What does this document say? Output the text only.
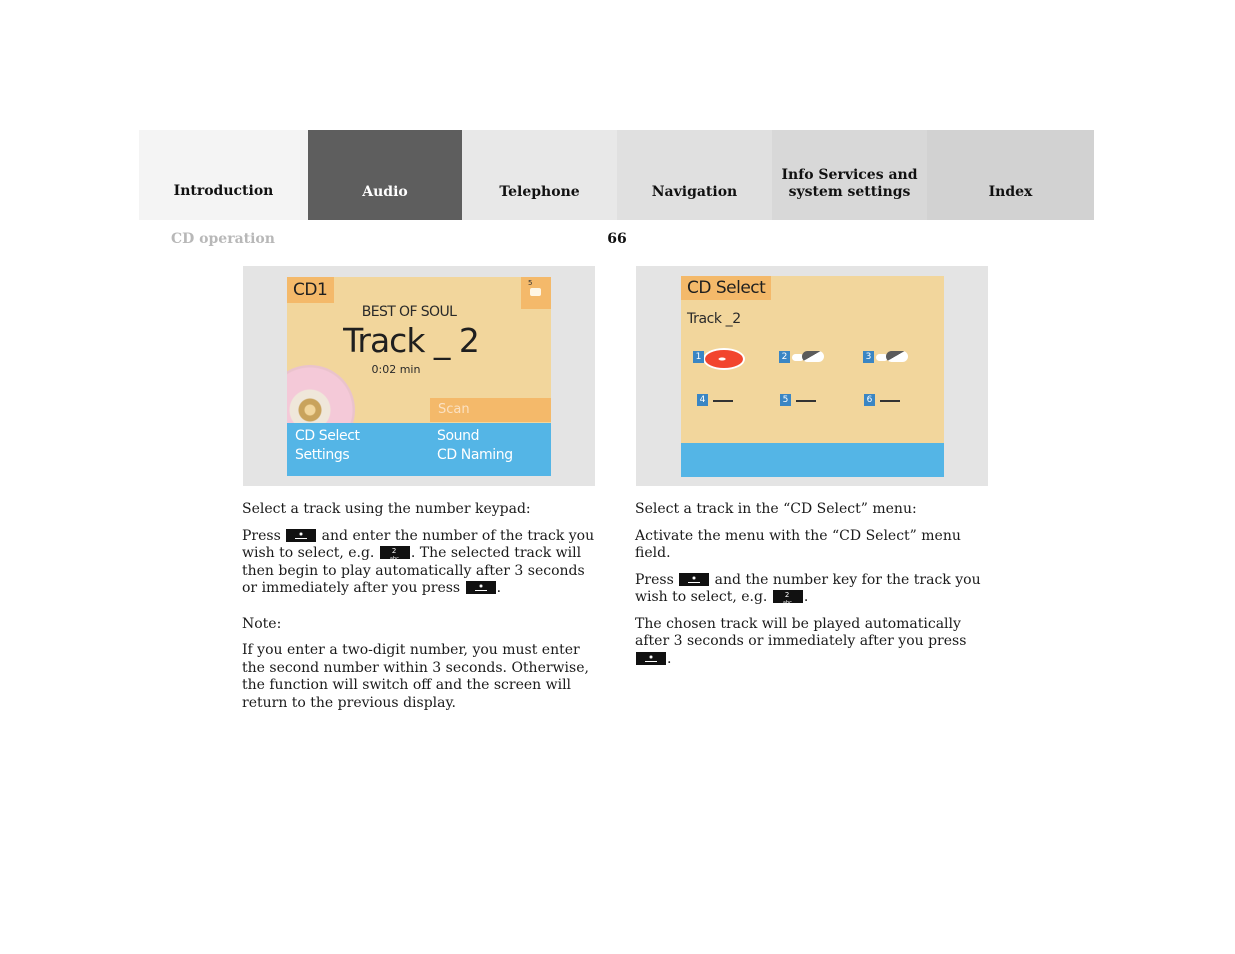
Introduction	Audio	Telephone	Navigation
Info Services and
system settings	Index
CD operation	66
CD1	5
BEST OF SOUL
Track _ 2
0:02 min
Scan
CD Select	Sound
Settings	CD Naming
CD Select
Track _2
1	2	3
4	5	6

Select a track using the number keypad:

Press	and enter the number of the track you wish to select, e.g. 2 abc. The selected track will then begin to play automatically after 3 seconds or immediately after you press .

Note:

If you enter a two-digit number, you must enter the second number within 3 seconds. Otherwise, the function will switch off and the screen will return to the previous display.

Select a track in the “CD Select” menu:

Activate the menu with the “CD Select” menu field.

Press	and the number key for the track you wish to select, e.g. 2 abc.

The chosen track will be played automatically after 3 seconds or immediately after you press .
